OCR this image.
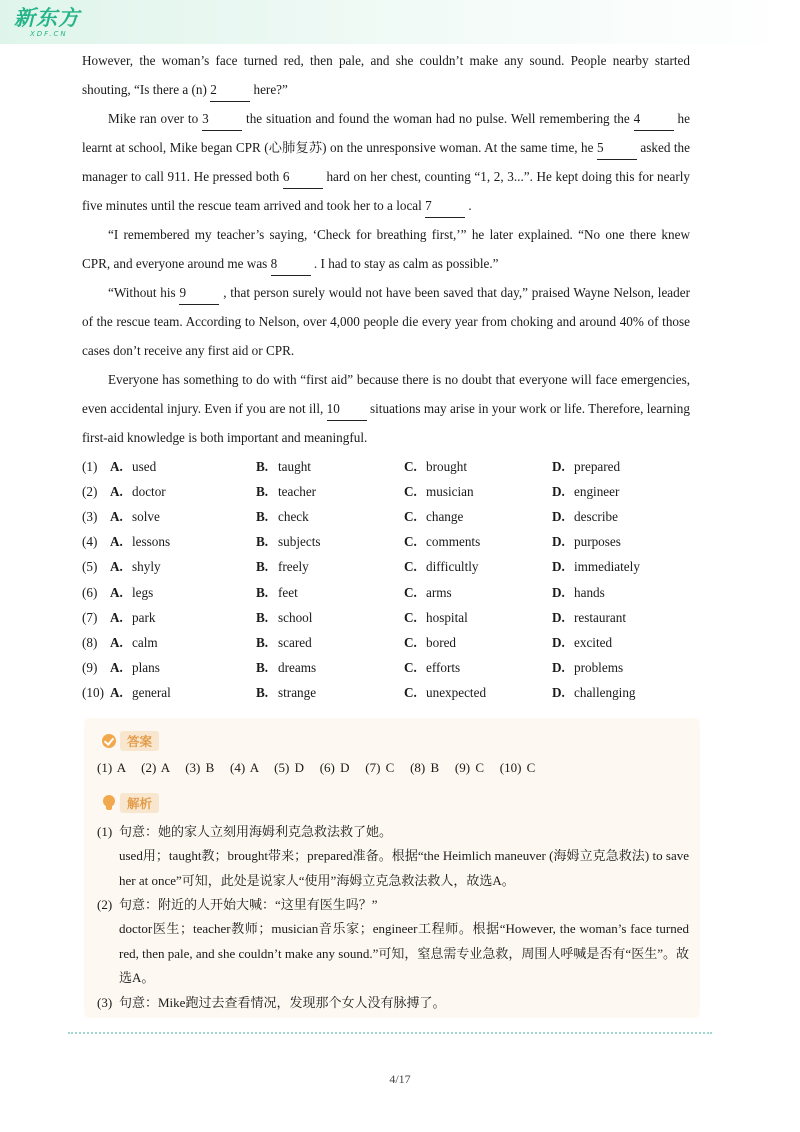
新东方
XDF.CN

However, the woman’s face turned red, then pale, and she couldn’t make any sound. People nearby started shouting, “Is there a (n) 2	here?”

Mike ran over to 3	the situation and found the woman had no pulse. Well remembering the 4	he learnt at school, Mike began CPR (心肺复苏) on the unresponsive woman. At the same time, he 5	asked the manager to call 911. He pressed both 6	hard on her chest, counting “1, 2, 3...”. He kept doing this for nearly five minutes until the rescue team arrived and took her to a local 7	.

“I remembered my teacher’s saying, ‘Check for breathing first,’” he later explained. “No one there knew CPR, and everyone around me was 8	. I had to stay as calm as possible.”

“Without his 9	, that person surely would not have been saved that day,” praised Wayne Nelson, leader of the rescue team. According to Nelson, over 4,000 people die every year from choking and around 40% of those cases don’t receive any first aid or CPR.

Everyone has something to do with “first aid” because there is no doubt that everyone will face emergencies, even accidental injury. Even if you are not ill, 10 situations may arise in your work or life. Therefore, learning first-aid knowledge is both important and meaningful.

(1) A. used	B. taught	C. brought	D. prepared
(2) A. doctor	B. teacher	C. musician	D. engineer
(3) A. solve	B. check	C. change	D. describe
(4) A. lessons	B. subjects	C. comments	D. purposes
(5) A. shyly	B. freely	C. difficultly	D. immediately
(6) A. legs	B. feet	C. arms	D. hands
(7) A. park	B. school	C. hospital	D. restaurant
(8) A. calm	B. scared	C. bored	D. excited
(9) A. plans	B. dreams	C. efforts	D. problems
(10) A. general	B. strange	C. unexpected	D. challenging
答案
(1) A   (2) A   (3) B   (4) A   (5) D   (6) D   (7) C   (8) B   (9) C   (10) C
解析
(1) 句意：她的家人立刻用海姆利克急救法救了她。
used用；taught教；brought带来；prepared准备。根据“the Heimlich maneuver (海姆立克急救法) to save her at once”可知，此处是说家人“使用”海姆立克急救法救人，故选A。
(2) 句意：附近的人开始大喊：“这里有医生吗？”
doctor医生；teacher教师；musician音乐家；engineer工程师。根据“However, the woman’s face turned red, then pale, and she couldn’t make any sound.”可知，窒息需专业急救，周围人呼喊是否有“医生”。故选A。
(3) 句意：Mike跑过去查看情况，发现那个女人没有脉搏了。
4/17
